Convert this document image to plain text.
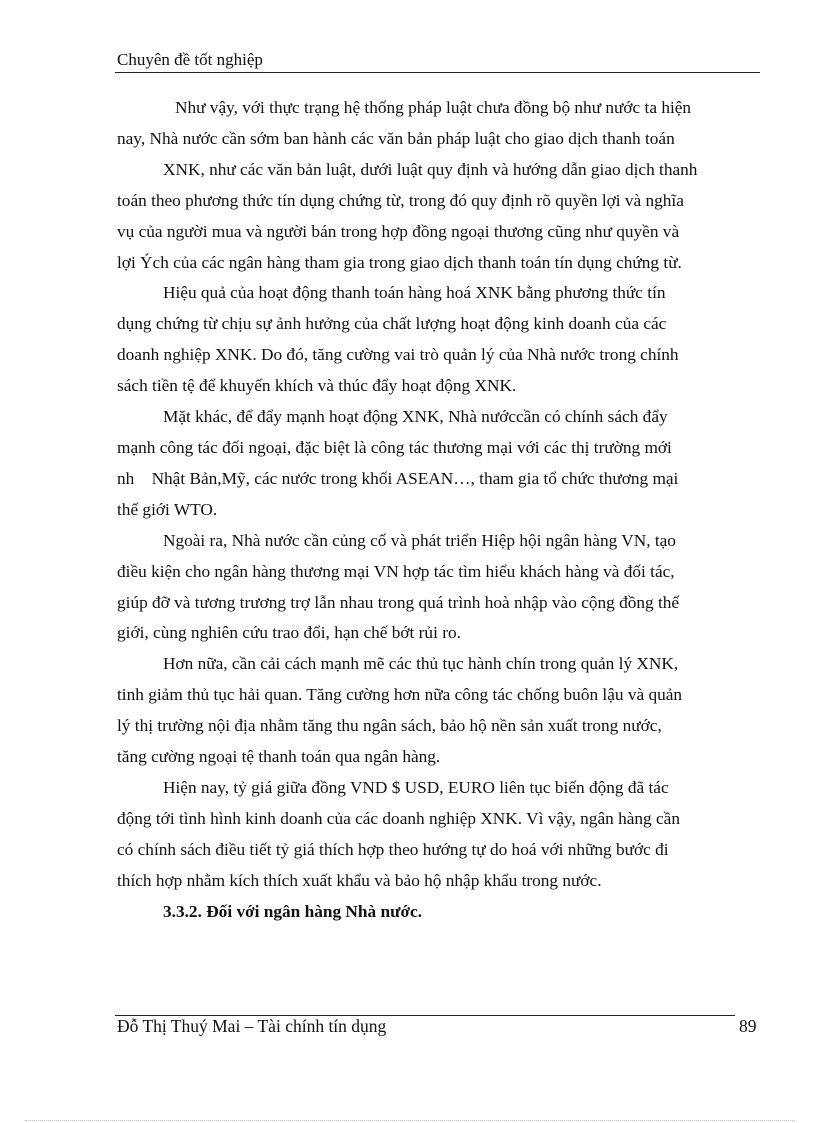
Chuyên đề tốt nghiệp
Như vậy, với thực trạng hệ thống pháp luật chưa đồng bộ như nước ta hiện
nay, Nhà nước cần sớm ban hành các văn bản pháp luật cho giao dịch thanh toán
XNK, như các văn bản luật, dưới luật quy định và hướng dẫn giao dịch thanh
toán theo phương thức tín dụng chứng từ, trong đó quy định rõ quyền lợi và nghĩa
vụ của người mua và người bán trong hợp đồng ngoại thương cũng như quyền và
lợi Ých của các ngân hàng tham gia trong giao dịch thanh toán tín dụng chứng từ.
Hiệu quả của hoạt động thanh toán hàng hoá XNK bằng phương thức tín
dụng chứng từ chịu sự ảnh hưởng của chất lượng hoạt động kinh doanh của các
doanh nghiệp XNK. Do đó, tăng cường vai trò quản lý của Nhà nước trong chính
sách tiền tệ để khuyến khích và thúc đẩy hoạt động XNK.
Mặt khác, để đẩy mạnh hoạt động XNK, Nhà nướccần có chính sách đẩy
mạnh công tác đối ngoại, đặc biệt là công tác thương mại với các thị trường mới
nh    Nhật Bản,Mỹ, các nước trong khối ASEAN…, tham gia tổ chức thương mại
thế giới WTO.
Ngoài ra, Nhà nước cần củng cố và phát triển Hiệp hội ngân hàng VN, tạo
điều kiện cho ngân hàng thương mại VN hợp tác tìm hiểu khách hàng và đối tác,
giúp đỡ và tương trương trợ lẫn nhau trong quá trình hoà nhập vào cộng đồng thế
giới, cùng nghiên cứu trao đổi, hạn chế bớt rủi ro.
Hơn nữa, cần cải cách mạnh mẽ các thủ tục hành chín trong quản lý XNK,
tinh giảm thủ tục hải quan. Tăng cường hơn nữa công tác chống buôn lậu và quản
lý thị trường nội địa nhằm tăng thu ngân sách, bảo hộ nền sản xuất trong nước,
tăng cường ngoại tệ thanh toán qua ngân hàng.
Hiện nay, tỷ giá giữa đồng VND $ USD, EURO liên tục biến động đã tác
động tới tình hình kinh doanh của các doanh nghiệp XNK. Vì vậy, ngân hàng cần
có chính sách điều tiết tỷ giá thích hợp theo hướng tự do hoá với những bước đi
thích hợp nhằm kích thích xuất khẩu và bảo hộ nhập khẩu trong nước.
3.3.2. Đối với ngân hàng Nhà nước.
Đỗ Thị Thuý Mai – Tài chính tín dụng	89
